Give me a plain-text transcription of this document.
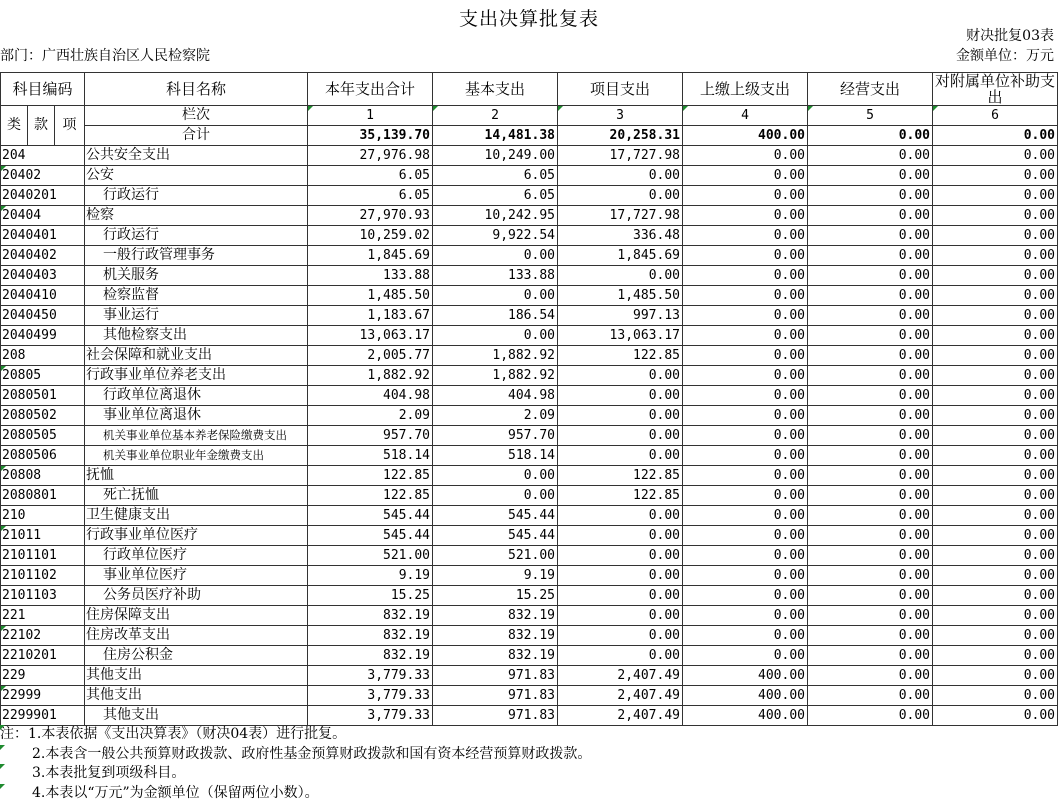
支出决算批复表
财决批复03表
部门：广西壮族自治区人民检察院	金额单位：万元
科目编码			科目名称	本年支出合计	基本支出	项目支出	上缴上级支出	经营支出	对附属单位补助支出
类	款	项	栏次	1	2	3	4	5	6
			合计	35,139.70	14,481.38	20,258.31	400.00	0.00	0.00
204			公共安全支出	27,976.98	10,249.00	17,727.98	0.00	0.00	0.00
20402			公安	6.05	6.05	0.00	0.00	0.00	0.00
2040201			行政运行	6.05	6.05	0.00	0.00	0.00	0.00
20404			检察	27,970.93	10,242.95	17,727.98	0.00	0.00	0.00
2040401			行政运行	10,259.02	9,922.54	336.48	0.00	0.00	0.00
2040402			一般行政管理事务	1,845.69	0.00	1,845.69	0.00	0.00	0.00
2040403			机关服务	133.88	133.88	0.00	0.00	0.00	0.00
2040410			检察监督	1,485.50	0.00	1,485.50	0.00	0.00	0.00
2040450			事业运行	1,183.67	186.54	997.13	0.00	0.00	0.00
2040499			其他检察支出	13,063.17	0.00	13,063.17	0.00	0.00	0.00
208			社会保障和就业支出	2,005.77	1,882.92	122.85	0.00	0.00	0.00
20805			行政事业单位养老支出	1,882.92	1,882.92	0.00	0.00	0.00	0.00
2080501			行政单位离退休	404.98	404.98	0.00	0.00	0.00	0.00
2080502			事业单位离退休	2.09	2.09	0.00	0.00	0.00	0.00
2080505			机关事业单位基本养老保险缴费支出	957.70	957.70	0.00	0.00	0.00	0.00
2080506			机关事业单位职业年金缴费支出	518.14	518.14	0.00	0.00	0.00	0.00
20808			抚恤	122.85	0.00	122.85	0.00	0.00	0.00
2080801			死亡抚恤	122.85	0.00	122.85	0.00	0.00	0.00
210			卫生健康支出	545.44	545.44	0.00	0.00	0.00	0.00
21011			行政事业单位医疗	545.44	545.44	0.00	0.00	0.00	0.00
2101101			行政单位医疗	521.00	521.00	0.00	0.00	0.00	0.00
2101102			事业单位医疗	9.19	9.19	0.00	0.00	0.00	0.00
2101103			公务员医疗补助	15.25	15.25	0.00	0.00	0.00	0.00
221			住房保障支出	832.19	832.19	0.00	0.00	0.00	0.00
22102			住房改革支出	832.19	832.19	0.00	0.00	0.00	0.00
2210201			住房公积金	832.19	832.19	0.00	0.00	0.00	0.00
229			其他支出	3,779.33	971.83	2,407.49	400.00	0.00	0.00
22999			其他支出	3,779.33	971.83	2,407.49	400.00	0.00	0.00
2299901			其他支出	3,779.33	971.83	2,407.49	400.00	0.00	0.00
注：1.本表依据《支出决算表》（财决04表）进行批复。
2.本表含一般公共预算财政拨款、政府性基金预算财政拨款和国有资本经营预算财政拨款。
3.本表批复到项级科目。
4.本表以“万元”为金额单位（保留两位小数）。
